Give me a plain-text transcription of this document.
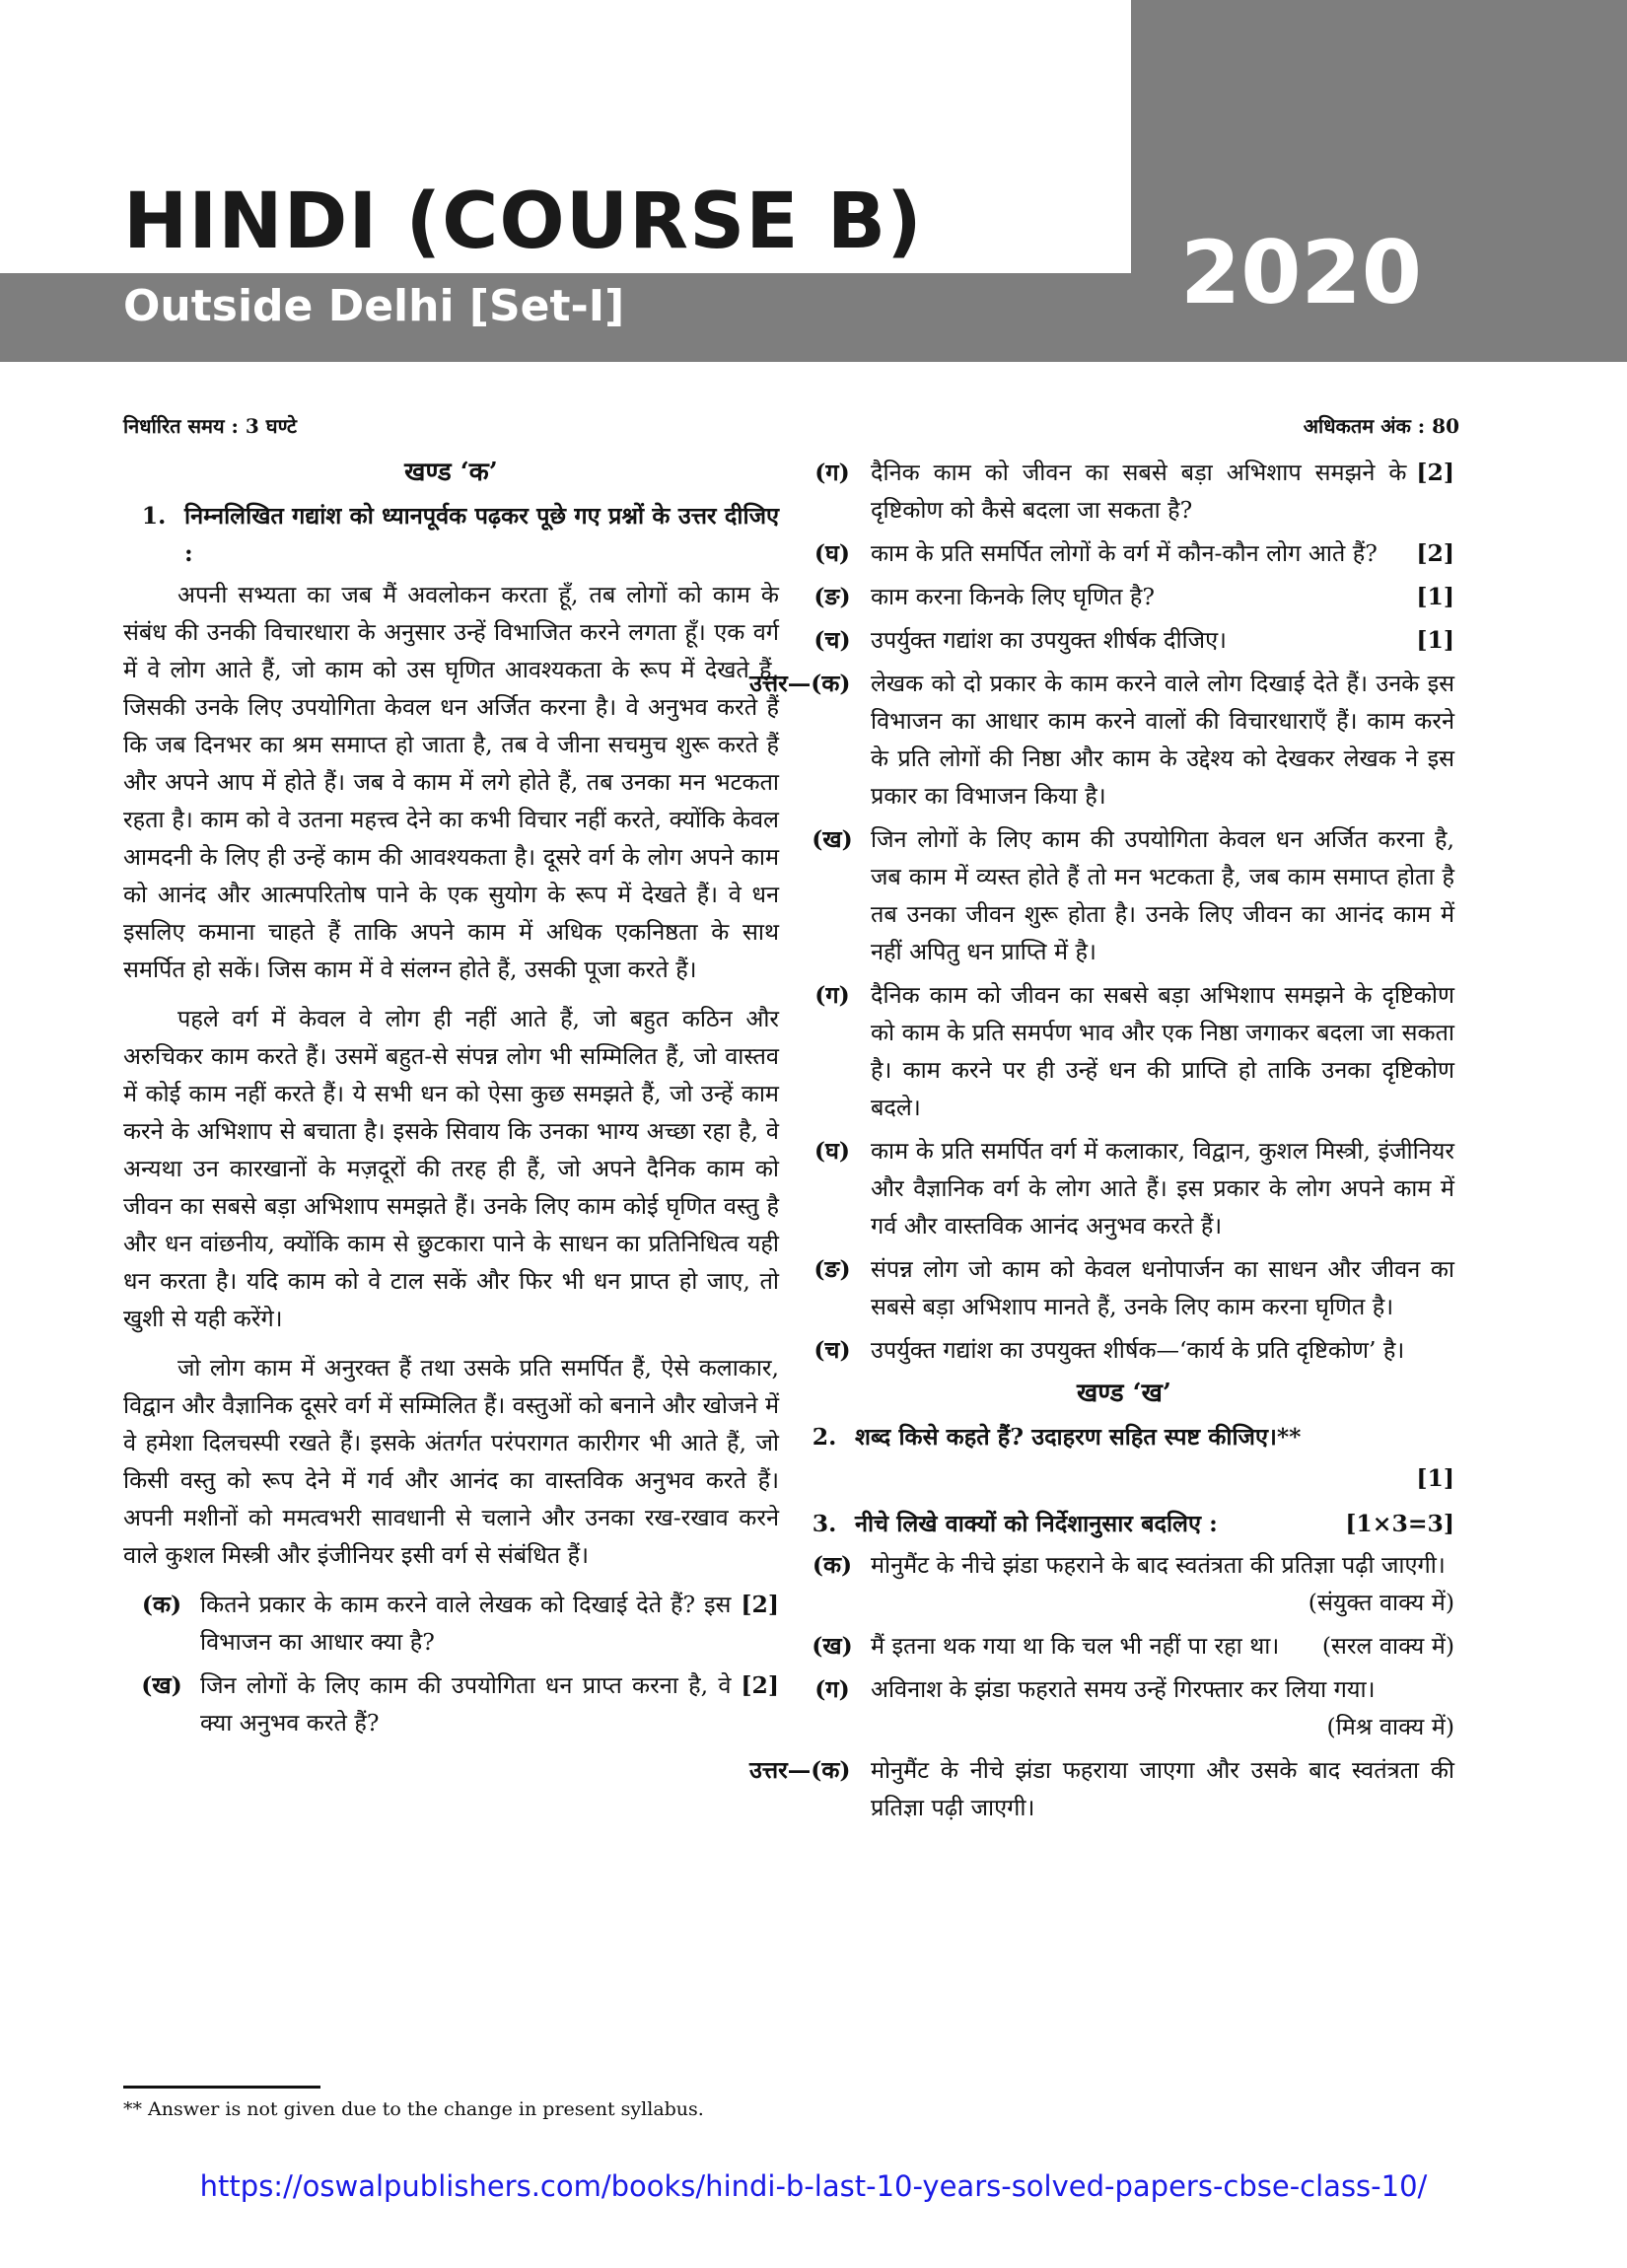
HINDI (COURSE B)
Outside Delhi [Set-I]	2020
निर्धारित समय : 3 घण्टे	अधिकतम अंक : 80
खण्ड ‘क’
1. निम्नलिखित गद्यांश को ध्यानपूर्वक पढ़कर पूछे गए प्रश्नों के उत्तर दीजिए :

अपनी सभ्यता का जब मैं अवलोकन करता हूँ, तब लोगों को काम के संबंध की उनकी विचारधारा के अनुसार उन्हें विभाजित करने लगता हूँ। एक वर्ग में वे लोग आते हैं, जो काम को उस घृणित आवश्यकता के रूप में देखते हैं, जिसकी उनके लिए उपयोगिता केवल धन अर्जित करना है। वे अनुभव करते हैं कि जब दिनभर का श्रम समाप्त हो जाता है, तब वे जीना सचमुच शुरू करते हैं और अपने आप में होते हैं। जब वे काम में लगे होते हैं, तब उनका मन भटकता रहता है। काम को वे उतना महत्त्व देने का कभी विचार नहीं करते, क्योंकि केवल आमदनी के लिए ही उन्हें काम की आवश्यकता है। दूसरे वर्ग के लोग अपने काम को आनंद और आत्मपरितोष पाने के एक सुयोग के रूप में देखते हैं। वे धन इसलिए कमाना चाहते हैं ताकि अपने काम में अधिक एकनिष्ठता के साथ समर्पित हो सकें। जिस काम में वे संलग्न होते हैं, उसकी पूजा करते हैं।

पहले वर्ग में केवल वे लोग ही नहीं आते हैं, जो बहुत कठिन और अरुचिकर काम करते हैं। उसमें बहुत-से संपन्न लोग भी सम्मिलित हैं, जो वास्तव में कोई काम नहीं करते हैं। ये सभी धन को ऐसा कुछ समझते हैं, जो उन्हें काम करने के अभिशाप से बचाता है। इसके सिवाय कि उनका भाग्य अच्छा रहा है, वे अन्यथा उन कारखानों के मज़दूरों की तरह ही हैं, जो अपने दैनिक काम को जीवन का सबसे बड़ा अभिशाप समझते हैं। उनके लिए काम कोई घृणित वस्तु है और धन वांछनीय, क्योंकि काम से छुटकारा पाने के साधन का प्रतिनिधित्व यही धन करता है। यदि काम को वे टाल सकें और फिर भी धन प्राप्त हो जाए, तो खुशी से यही करेंगे।

जो लोग काम में अनुरक्त हैं तथा उसके प्रति समर्पित हैं, ऐसे कलाकार, विद्वान और वैज्ञानिक दूसरे वर्ग में सम्मिलित हैं। वस्तुओं को बनाने और खोजने में वे हमेशा दिलचस्पी रखते हैं। इसके अंतर्गत परंपरागत कारीगर भी आते हैं, जो किसी वस्तु को रूप देने में गर्व और आनंद का वास्तविक अनुभव करते हैं। अपनी मशीनों को ममत्वभरी सावधानी से चलाने और उनका रख-रखाव करने वाले कुशल मिस्त्री और इंजीनियर इसी वर्ग से संबंधित हैं।

(क)	[2]
कितने प्रकार के काम करने वाले लेखक को दिखाई देते हैं? इस विभाजन का आधार क्या है?
(ख)	[2]
जिन लोगों के लिए काम की उपयोगिता धन प्राप्त करना है, वे क्या अनुभव करते हैं?
(ग)	[2]
दैनिक काम को जीवन का सबसे बड़ा अभिशाप समझने के दृष्टिकोण को कैसे बदला जा सकता है?
(घ)	[2]
काम के प्रति समर्पित लोगों के वर्ग में कौन-कौन लोग आते हैं?
(ङ)	[1]
काम करना किनके लिए घृणित है?
(च)	[1]
उपर्युक्त गद्यांश का उपयुक्त शीर्षक दीजिए।
उत्तर—(क) लेखक को दो प्रकार के काम करने वाले लोग दिखाई देते हैं। उनके इस विभाजन का आधार काम करने वालों की विचारधाराएँ हैं। काम करने के प्रति लोगों की निष्ठा और काम के उद्देश्य को देखकर लेखक ने इस प्रकार का विभाजन किया है।
(ख) जिन लोगों के लिए काम की उपयोगिता केवल धन अर्जित करना है, जब काम में व्यस्त होते हैं तो मन भटकता है, जब काम समाप्त होता है तब उनका जीवन शुरू होता है। उनके लिए जीवन का आनंद काम में नहीं अपितु धन प्राप्ति में है।
(ग) दैनिक काम को जीवन का सबसे बड़ा अभिशाप समझने के दृष्टिकोण को काम के प्रति समर्पण भाव और एक निष्ठा जगाकर बदला जा सकता है। काम करने पर ही उन्हें धन की प्राप्ति हो ताकि उनका दृष्टिकोण बदले।
(घ) काम के प्रति समर्पित वर्ग में कलाकार, विद्वान, कुशल मिस्त्री, इंजीनियर और वैज्ञानिक वर्ग के लोग आते हैं। इस प्रकार के लोग अपने काम में गर्व और वास्तविक आनंद अनुभव करते हैं।
(ङ) संपन्न लोग जो काम को केवल धनोपार्जन का साधन और जीवन का सबसे बड़ा अभिशाप मानते हैं, उनके लिए काम करना घृणित है।
(च) उपर्युक्त गद्यांश का उपयुक्त शीर्षक—‘कार्य के प्रति दृष्टिकोण’ है।
खण्ड ‘ख’
2. शब्द किसे कहते हैं? उदाहरण सहित स्पष्ट कीजिए।**
[1]
3.	[1×3=3]
नीचे लिखे वाक्यों को निर्देशानुसार बदलिए :
(क) मोनुमैंट के नीचे झंडा फहराने के बाद स्वतंत्रता की प्रतिज्ञा पढ़ी जाएगी।
(संयुक्त वाक्य में)
(ख) मैं इतना थक गया था कि चल भी नहीं पा रहा था। (सरल वाक्य में)
(ग) अविनाश के झंडा फहराते समय उन्हें गिरफ्तार कर लिया गया।
(मिश्र वाक्य में)
उत्तर—(क) मोनुमैंट के नीचे झंडा फहराया जाएगा और उसके बाद स्वतंत्रता की प्रतिज्ञा पढ़ी जाएगी।
** Answer is not given due to the change in present syllabus.
https://oswalpublishers.com/books/hindi-b-last-10-years-solved-papers-cbse-class-10/
